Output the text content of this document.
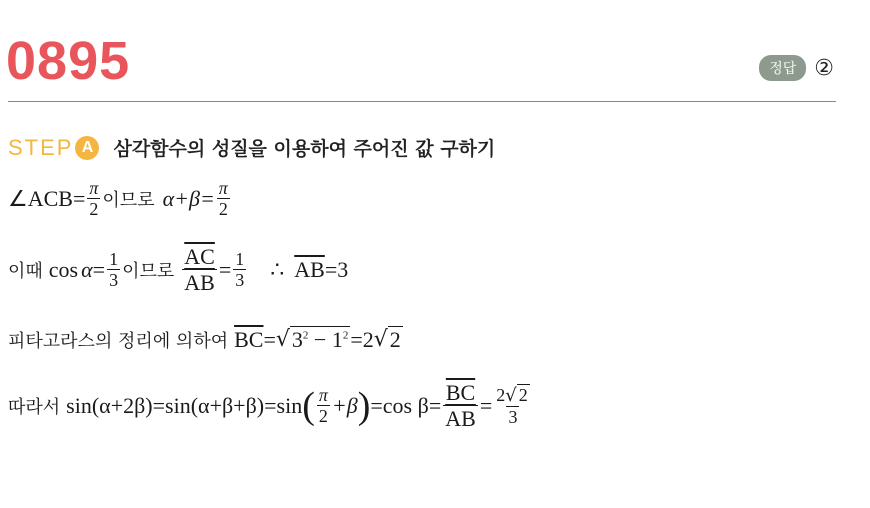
0895	정답 ②
STEP A	삼각함수의 성질을 이용하여 주어진 값 구하기
∠ACB = $\frac{\pi}{2}$ 이므로 $\alpha+\beta= \frac{\pi}{2}$
이때 $\cos \alpha = \frac{1}{3}$ 이므로 $\frac{\overline{AC}}{AB} = \frac{1}{3}$ ∴ $\overline{AB} =3$
피타고라스의 정리에 의하여 $\overline{BC}$ = √ $3^2 - 1^2 =2$ √ 2
따라서 sin(α+2β) = sin(α+β+β) = sin ( $\frac{\pi}{2} +\beta$ ) = $\cos \beta = \frac{\overline{BC}}{AB} = \frac{2√ 2}{3}$
